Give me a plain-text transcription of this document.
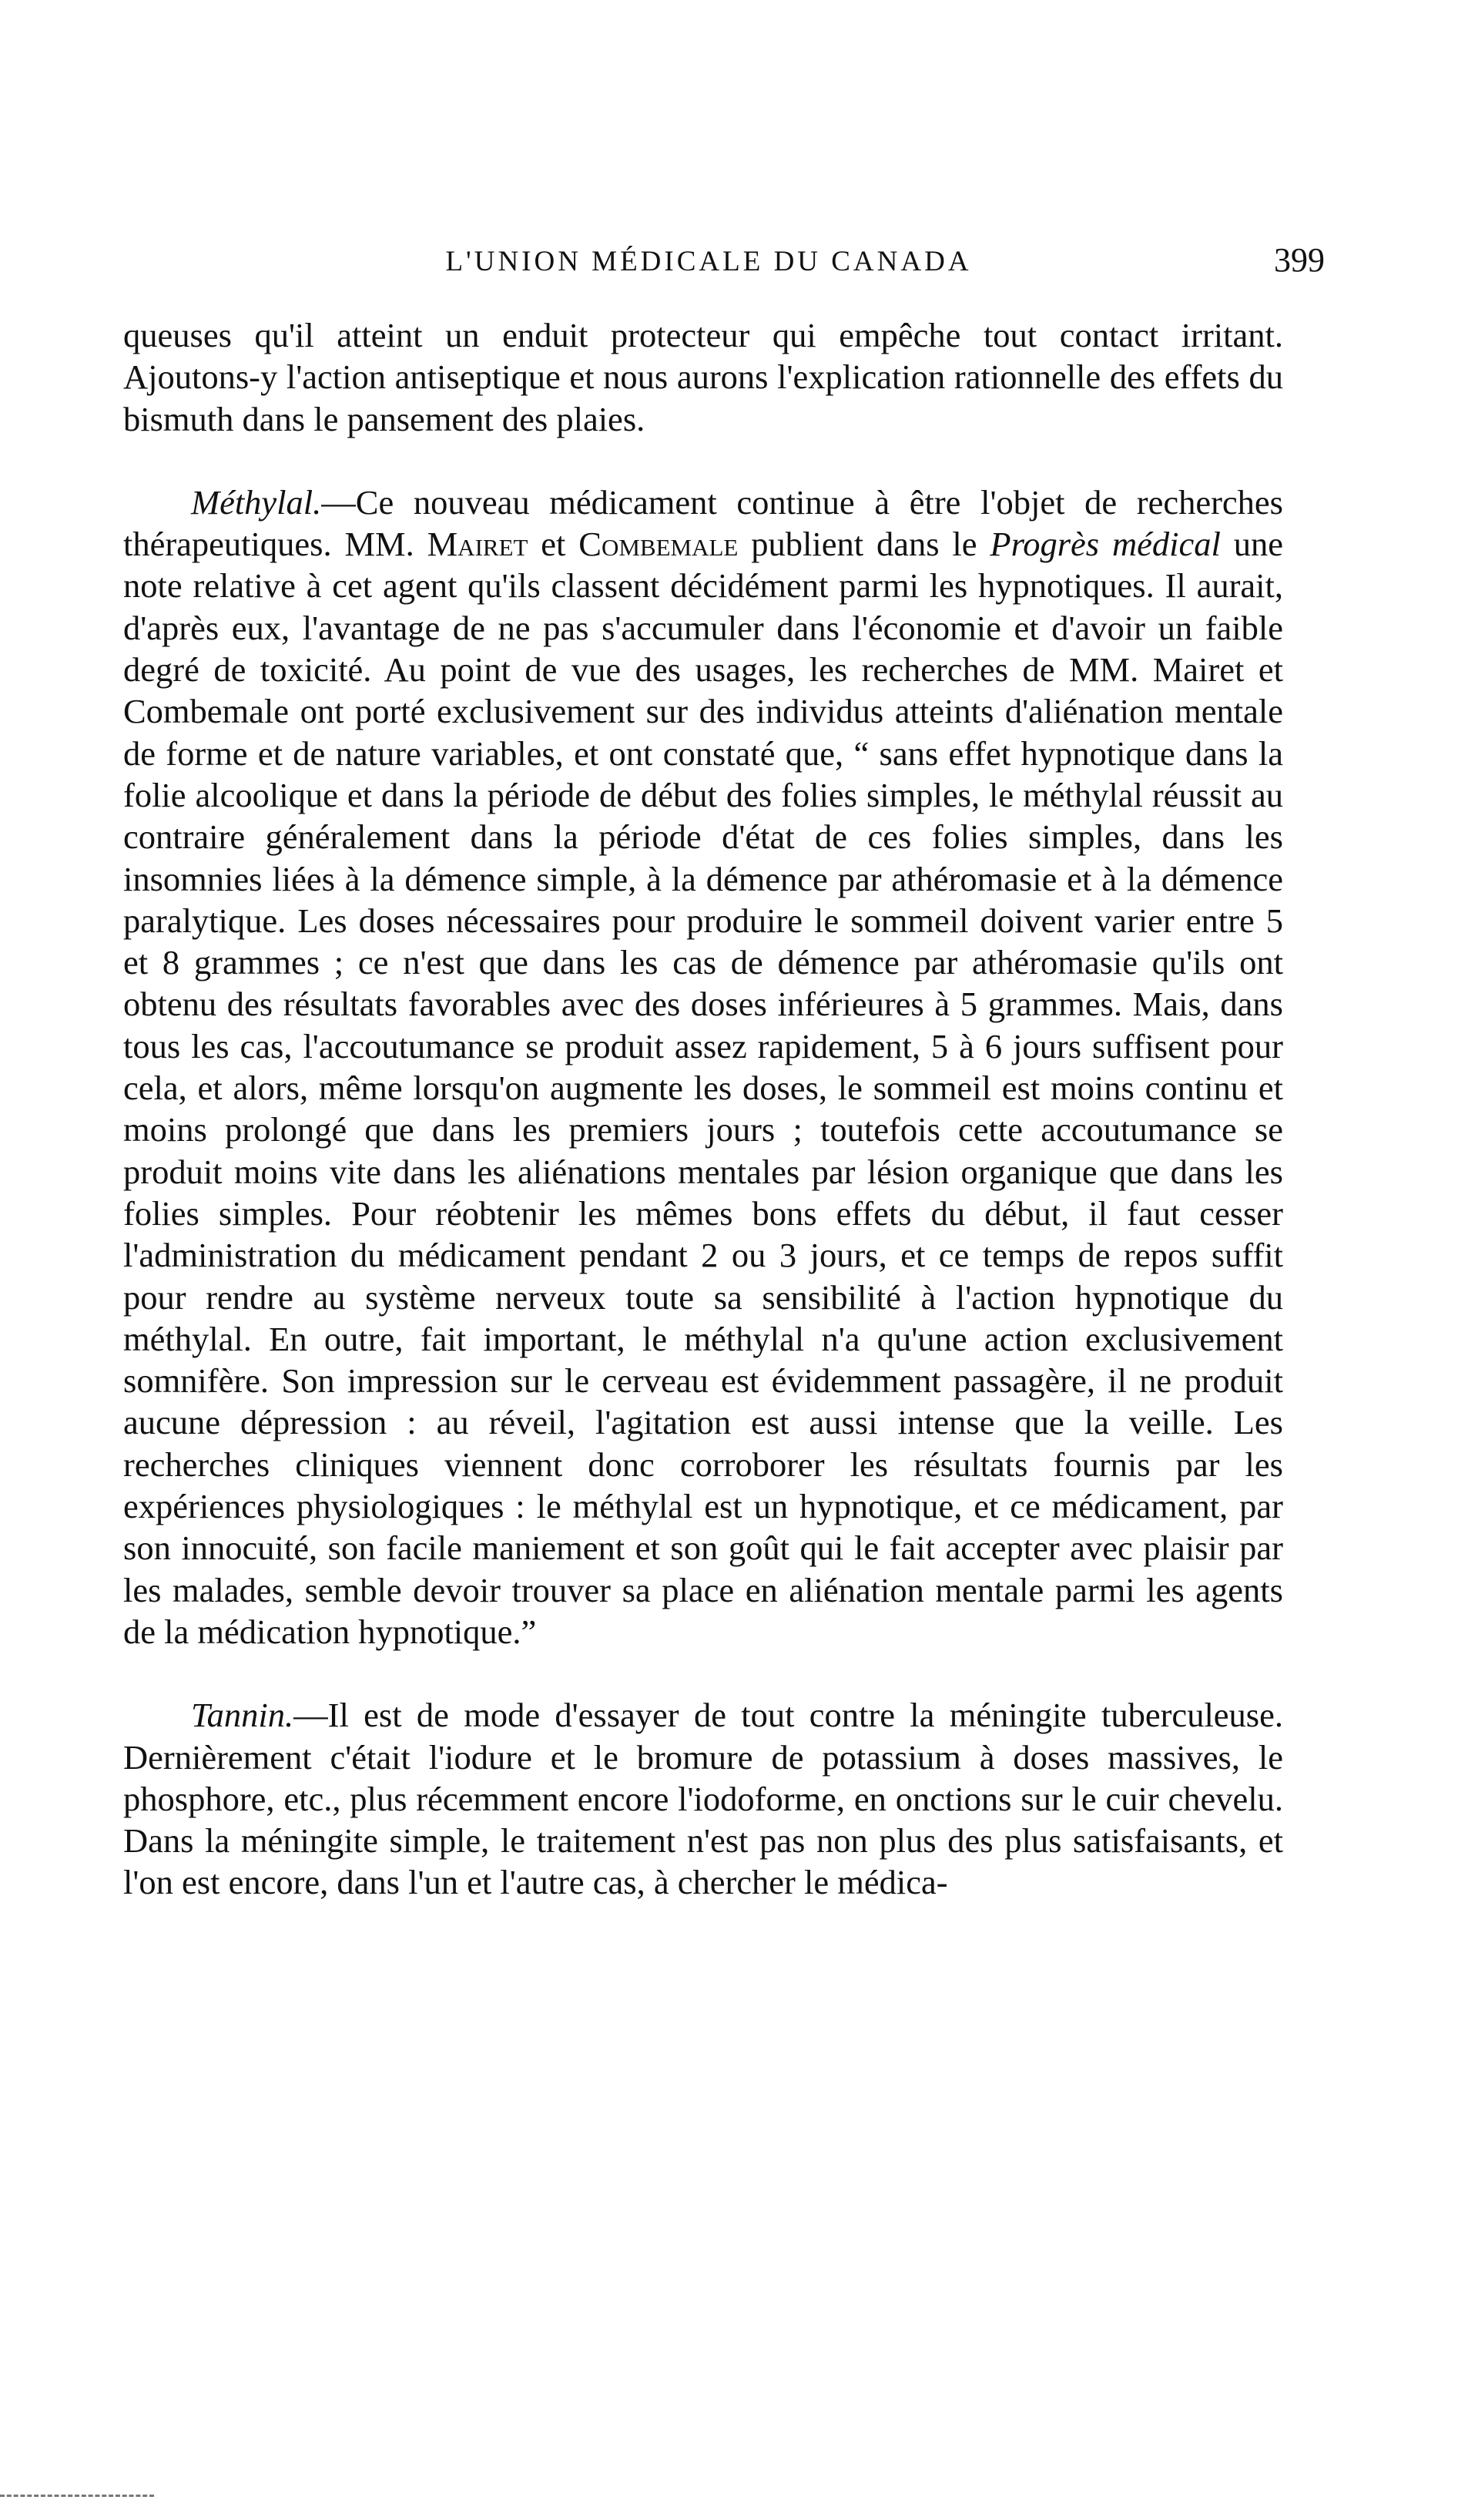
L'UNION MÉDICALE DU CANADA	399

queuses qu'il atteint un enduit protecteur qui empêche tout contact irritant. Ajoutons-y l'action antiseptique et nous aurons l'explication rationnelle des effets du bismuth dans le pansement des plaies.

Méthylal.—Ce nouveau médicament continue à être l'objet de recherches thérapeutiques. MM. Mairet et Combemale publient dans le Progrès médical une note relative à cet agent qu'ils classent décidément parmi les hypnotiques. Il aurait, d'après eux, l'avantage de ne pas s'accumuler dans l'économie et d'avoir un faible degré de toxicité. Au point de vue des usages, les recherches de MM. Mairet et Combemale ont porté exclusivement sur des individus atteints d'aliénation mentale de forme et de nature variables, et ont constaté que, “ sans effet hypnotique dans la folie alcoolique et dans la période de début des folies simples, le méthylal réussit au contraire généralement dans la période d'état de ces folies simples, dans les insomnies liées à la démence simple, à la démence par athéromasie et à la démence paralytique. Les doses nécessaires pour produire le sommeil doivent varier entre 5 et 8 grammes ; ce n'est que dans les cas de démence par athéromasie qu'ils ont obtenu des résultats favorables avec des doses inférieures à 5 grammes. Mais, dans tous les cas, l'accoutumance se produit assez rapidement, 5 à 6 jours suffisent pour cela, et alors, même lorsqu'on augmente les doses, le sommeil est moins continu et moins prolongé que dans les premiers jours ; toutefois cette accoutumance se produit moins vite dans les aliénations mentales par lésion organique que dans les folies simples. Pour réobtenir les mêmes bons effets du début, il faut cesser l'administration du médicament pendant 2 ou 3 jours, et ce temps de repos suffit pour rendre au système nerveux toute sa sensibilité à l'action hypnotique du méthylal. En outre, fait important, le méthylal n'a qu'une action exclusivement somnifère. Son impression sur le cerveau est évidemment passagère, il ne produit aucune dépression : au réveil, l'agitation est aussi intense que la veille. Les recherches cliniques viennent donc corroborer les résultats fournis par les expériences physiologiques : le méthylal est un hypnotique, et ce médicament, par son innocuité, son facile maniement et son goût qui le fait accepter avec plaisir par les malades, semble devoir trouver sa place en aliénation mentale parmi les agents de la médication hypnotique.”

Tannin.—Il est de mode d'essayer de tout contre la méningite tuberculeuse. Dernièrement c'était l'iodure et le bromure de potassium à doses massives, le phosphore, etc., plus récemment encore l'iodoforme, en onctions sur le cuir chevelu. Dans la méningite simple, le traitement n'est pas non plus des plus satisfaisants, et l'on est encore, dans l'un et l'autre cas, à chercher le médica-
